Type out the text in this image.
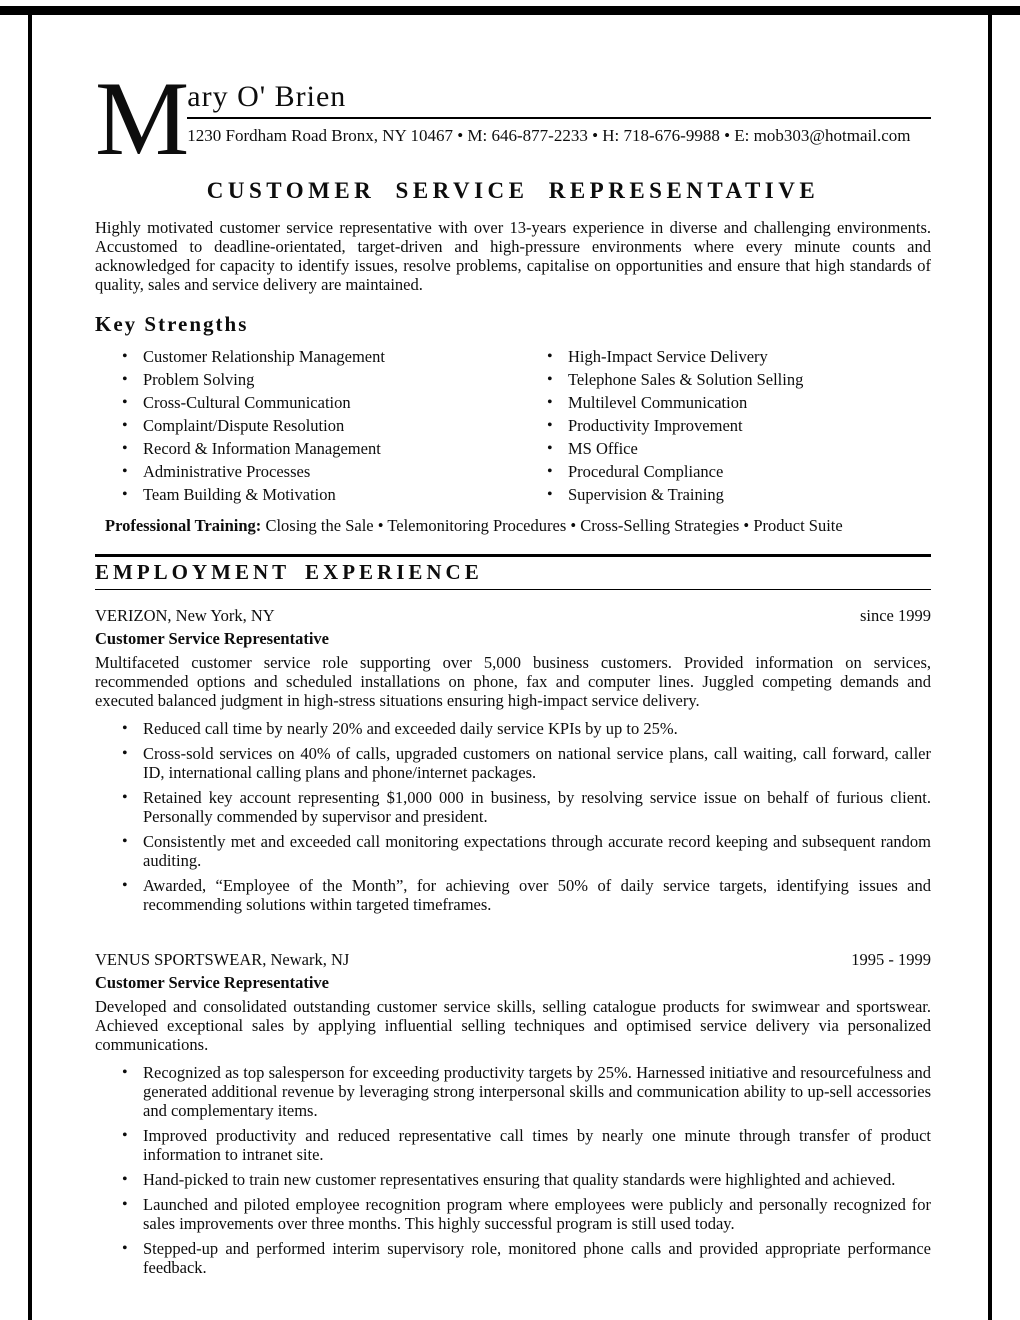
M ary O' Brien
1230 Fordham Road Bronx, NY 10467 • M: 646-877-2233 • H: 718-676-9988 • E: mob303@hotmail.com
CUSTOMER SERVICE REPRESENTATIVE

Highly motivated customer service representative with over 13-years experience in diverse and challenging environments. Accustomed to deadline-orientated, target-driven and high-pressure environments where every minute counts and acknowledged for capacity to identify issues, resolve problems, capitalise on opportunities and ensure that high standards of quality, sales and service delivery are maintained.

Key Strengths
• Customer Relationship Management
• Problem Solving
• Cross-Cultural Communication
• Complaint/Dispute Resolution
• Record & Information Management
• Administrative Processes
• Team Building & Motivation
• High-Impact Service Delivery
• Telephone Sales & Solution Selling
• Multilevel Communication
• Productivity Improvement
• MS Office
• Procedural Compliance
• Supervision & Training

Professional Training: Closing the Sale • Telemonitoring Procedures • Cross-Selling Strategies • Product Suite

EMPLOYMENT EXPERIENCE
VERIZON, New York, NY	since 1999
Customer Service Representative

Multifaceted customer service role supporting over 5,000 business customers. Provided information on services, recommended options and scheduled installations on phone, fax and computer lines. Juggled competing demands and executed balanced judgment in high-stress situations ensuring high-impact service delivery.

• Reduced call time by nearly 20% and exceeded daily service KPIs by up to 25%.
• Cross-sold services on 40% of calls, upgraded customers on national service plans, call waiting, call forward, caller ID, international calling plans and phone/internet packages.
• Retained key account representing $1,000 000 in business, by resolving service issue on behalf of furious client. Personally commended by supervisor and president.
• Consistently met and exceeded call monitoring expectations through accurate record keeping and subsequent random auditing.
• Awarded, “Employee of the Month”, for achieving over 50% of daily service targets, identifying issues and recommending solutions within targeted timeframes.
VENUS SPORTSWEAR, Newark, NJ	1995 - 1999
Customer Service Representative

Developed and consolidated outstanding customer service skills, selling catalogue products for swimwear and sportswear. Achieved exceptional sales by applying influential selling techniques and optimised service delivery via personalized communications.

• Recognized as top salesperson for exceeding productivity targets by 25%. Harnessed initiative and resourcefulness and generated additional revenue by leveraging strong interpersonal skills and communication ability to up-sell accessories and complementary items.
• Improved productivity and reduced representative call times by nearly one minute through transfer of product information to intranet site.
• Hand-picked to train new customer representatives ensuring that quality standards were highlighted and achieved.
• Launched and piloted employee recognition program where employees were publicly and personally recognized for sales improvements over three months. This highly successful program is still used today.
• Stepped-up and performed interim supervisory role, monitored phone calls and provided appropriate performance feedback.
